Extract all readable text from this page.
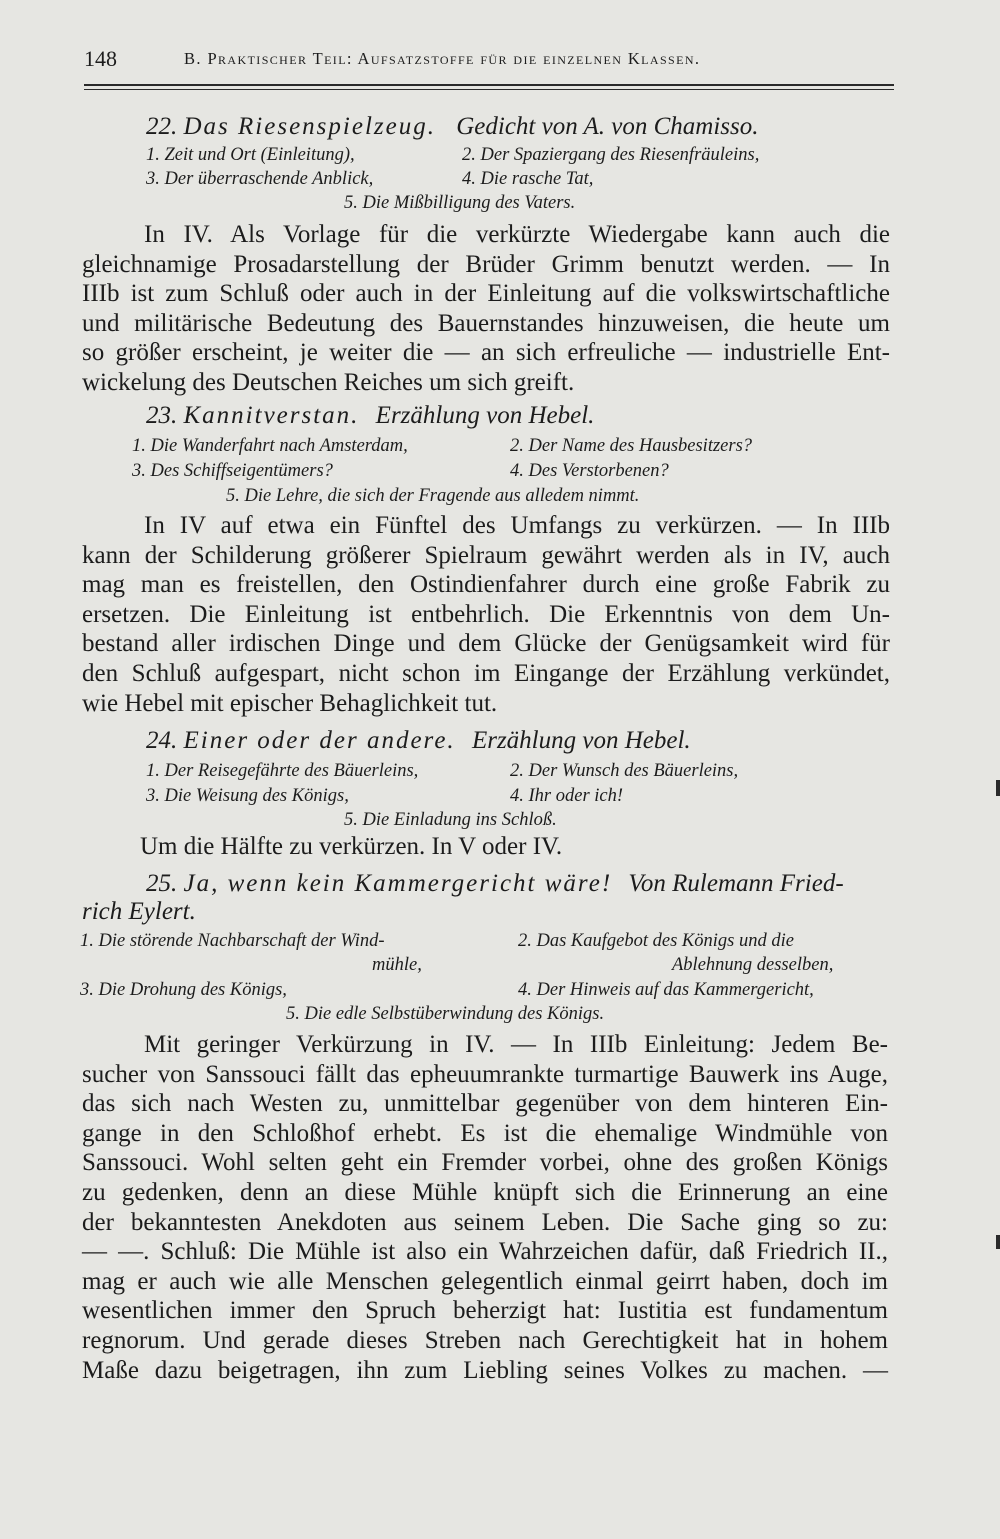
148	B. Praktischer Teil: Aufsatzstoffe für die einzelnen Klassen.
22. Das Riesenspielzeug. Gedicht von A. von Chamisso.
1. Zeit und Ort (Einleitung),	2. Der Spaziergang des Riesenfräuleins,
3. Der überraschende Anblick,	4. Die rasche Tat,
5. Die Mißbilligung des Vaters.

In IV. Als Vorlage für die verkürzte Wiedergabe kann auch die

gleichnamige Prosadarstellung der Brüder Grimm benutzt werden. — In

IIIb ist zum Schluß oder auch in der Einleitung auf die volkswirtschaftliche

und militärische Bedeutung des Bauernstandes hinzuweisen, die heute um

so größer erscheint, je weiter die — an sich erfreuliche — industrielle Ent-

wickelung des Deutschen Reiches um sich greift.

23. Kannitverstan. Erzählung von Hebel.
1. Die Wanderfahrt nach Amsterdam,	2. Der Name des Hausbesitzers?
3. Des Schiffseigentümers?	4. Des Verstorbenen?
5. Die Lehre, die sich der Fragende aus alledem nimmt.

In IV auf etwa ein Fünftel des Umfangs zu verkürzen. — In IIIb

kann der Schilderung größerer Spielraum gewährt werden als in IV, auch

mag man es freistellen, den Ostindienfahrer durch eine große Fabrik zu

ersetzen. Die Einleitung ist entbehrlich. Die Erkenntnis von dem Un-

bestand aller irdischen Dinge und dem Glücke der Genügsamkeit wird für

den Schluß aufgespart, nicht schon im Eingange der Erzählung verkündet,

wie Hebel mit epischer Behaglichkeit tut.

24. Einer oder der andere. Erzählung von Hebel.
1. Der Reisegefährte des Bäuerleins,	2. Der Wunsch des Bäuerleins,
3. Die Weisung des Königs,	4. Ihr oder ich!
5. Die Einladung ins Schloß.
Um die Hälfte zu verkürzen. In V oder IV.
25. Ja, wenn kein Kammergericht wäre! Von Rulemann Fried-
rich Eylert.
1. Die störende Nachbarschaft der Wind-
mühle,
2. Das Kaufgebot des Königs und die
Ablehnung desselben,
3. Die Drohung des Königs,	4. Der Hinweis auf das Kammergericht,
5. Die edle Selbstüberwindung des Königs.

Mit geringer Verkürzung in IV. — In IIIb Einleitung: Jedem Be-

sucher von Sanssouci fällt das epheuumrankte turmartige Bauwerk ins Auge,

das sich nach Westen zu, unmittelbar gegenüber von dem hinteren Ein-

gange in den Schloßhof erhebt. Es ist die ehemalige Windmühle von

Sanssouci. Wohl selten geht ein Fremder vorbei, ohne des großen Königs

zu gedenken, denn an diese Mühle knüpft sich die Erinnerung an eine

der bekanntesten Anekdoten aus seinem Leben. Die Sache ging so zu:

— —. Schluß: Die Mühle ist also ein Wahrzeichen dafür, daß Friedrich II.,

mag er auch wie alle Menschen gelegentlich einmal geirrt haben, doch im

wesentlichen immer den Spruch beherzigt hat: Iustitia est fundamentum

regnorum. Und gerade dieses Streben nach Gerechtigkeit hat in hohem

Maße dazu beigetragen, ihn zum Liebling seines Volkes zu machen. —
